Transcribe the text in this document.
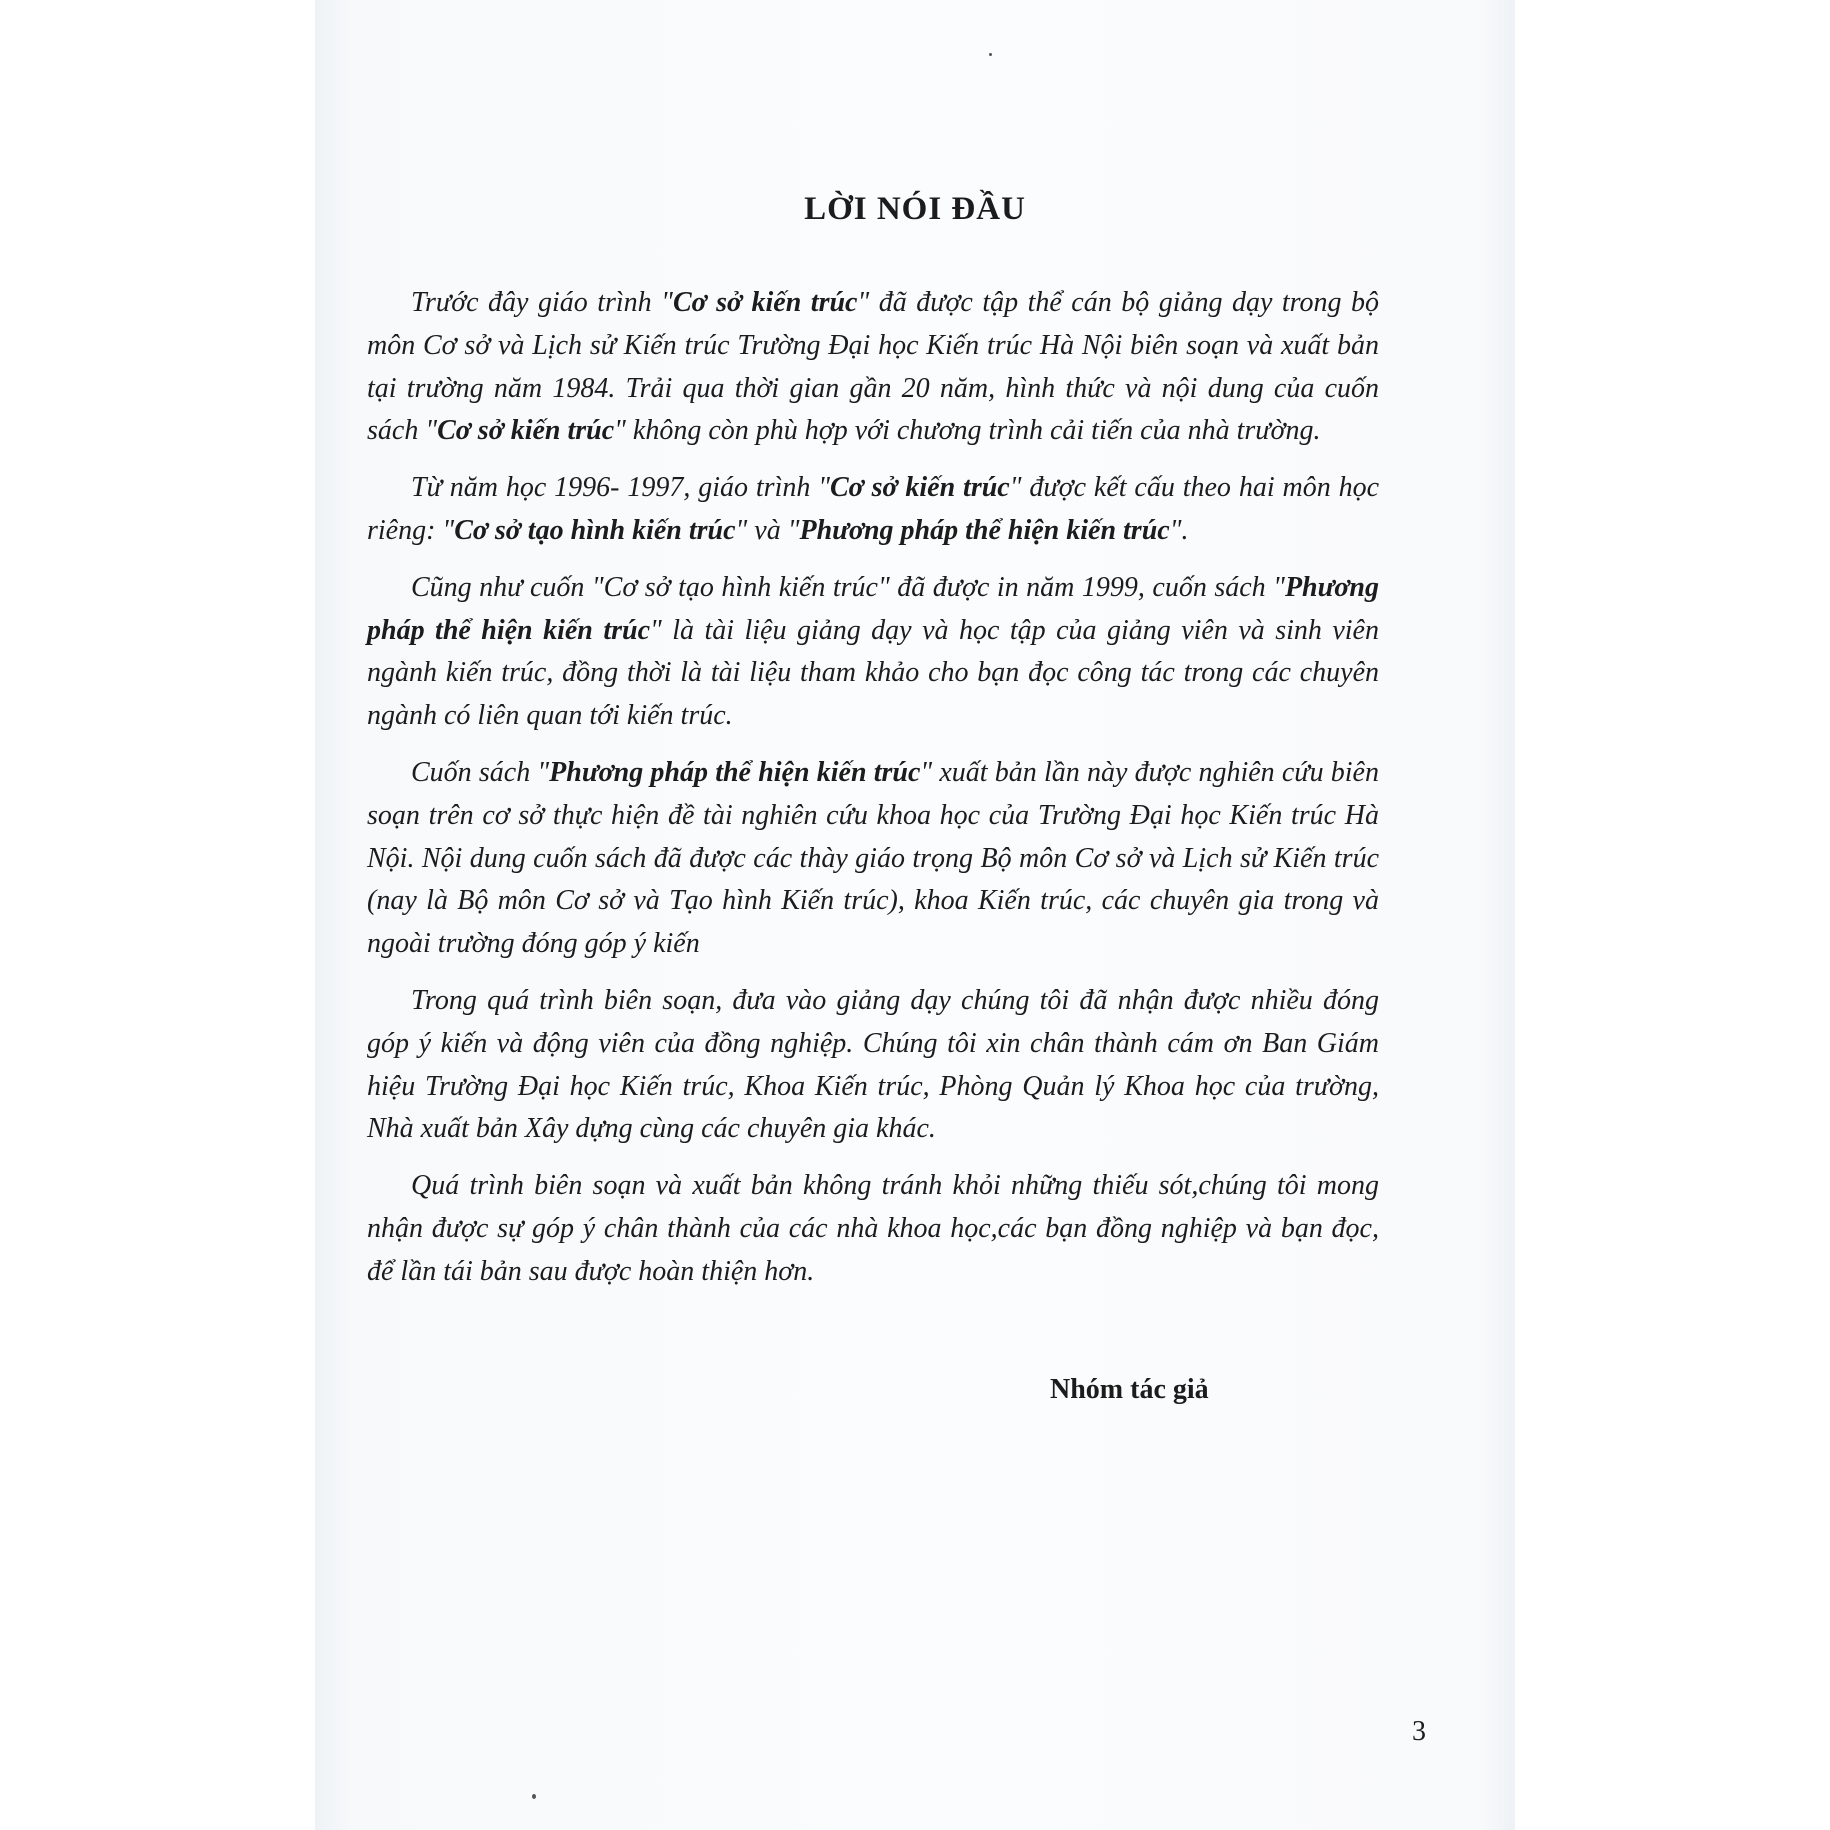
LỜI NÓI ĐẦU

Trước đây giáo trình "Cơ sở kiến trúc" đã được tập thể cán bộ giảng dạy trong bộ môn Cơ sở và Lịch sử Kiến trúc Trường Đại học Kiến trúc Hà Nội biên soạn và xuất bản tại trường năm 1984. Trải qua thời gian gần 20 năm, hình thức và nội dung của cuốn sách "Cơ sở kiến trúc" không còn phù hợp với chương trình cải tiến của nhà trường.

Từ năm học 1996- 1997, giáo trình "Cơ sở kiến trúc" được kết cấu theo hai môn học riêng: "Cơ sở tạo hình kiến trúc" và "Phương pháp thể hiện kiến trúc".

Cũng như cuốn "Cơ sở tạo hình kiến trúc" đã được in năm 1999, cuốn sách "Phương pháp thể hiện kiến trúc" là tài liệu giảng dạy và học tập của giảng viên và sinh viên ngành kiến trúc, đồng thời là tài liệu tham khảo cho bạn đọc công tác trong các chuyên ngành có liên quan tới kiến trúc.

Cuốn sách "Phương pháp thể hiện kiến trúc" xuất bản lần này được nghiên cứu biên soạn trên cơ sở thực hiện đề tài nghiên cứu khoa học của Trường Đại học Kiến trúc Hà Nội. Nội dung cuốn sách đã được các thày giáo trọng Bộ môn Cơ sở và Lịch sử Kiến trúc (nay là Bộ môn Cơ sở và Tạo hình Kiến trúc), khoa Kiến trúc, các chuyên gia trong và ngoài trường đóng góp ý kiến

Trong quá trình biên soạn, đưa vào giảng dạy chúng tôi đã nhận được nhiều đóng góp ý kiến và động viên của đồng nghiệp. Chúng tôi xin chân thành cám ơn Ban Giám hiệu Trường Đại học Kiến trúc, Khoa Kiến trúc, Phòng Quản lý Khoa học của trường, Nhà xuất bản Xây dựng cùng các chuyên gia khác.

Quá trình biên soạn và xuất bản không tránh khỏi những thiếu sót,chúng tôi mong nhận được sự góp ý chân thành của các nhà khoa học,các bạn đồng nghiệp và bạn đọc, để lần tái bản sau được hoàn thiện hơn.

Nhóm tác giả

3
